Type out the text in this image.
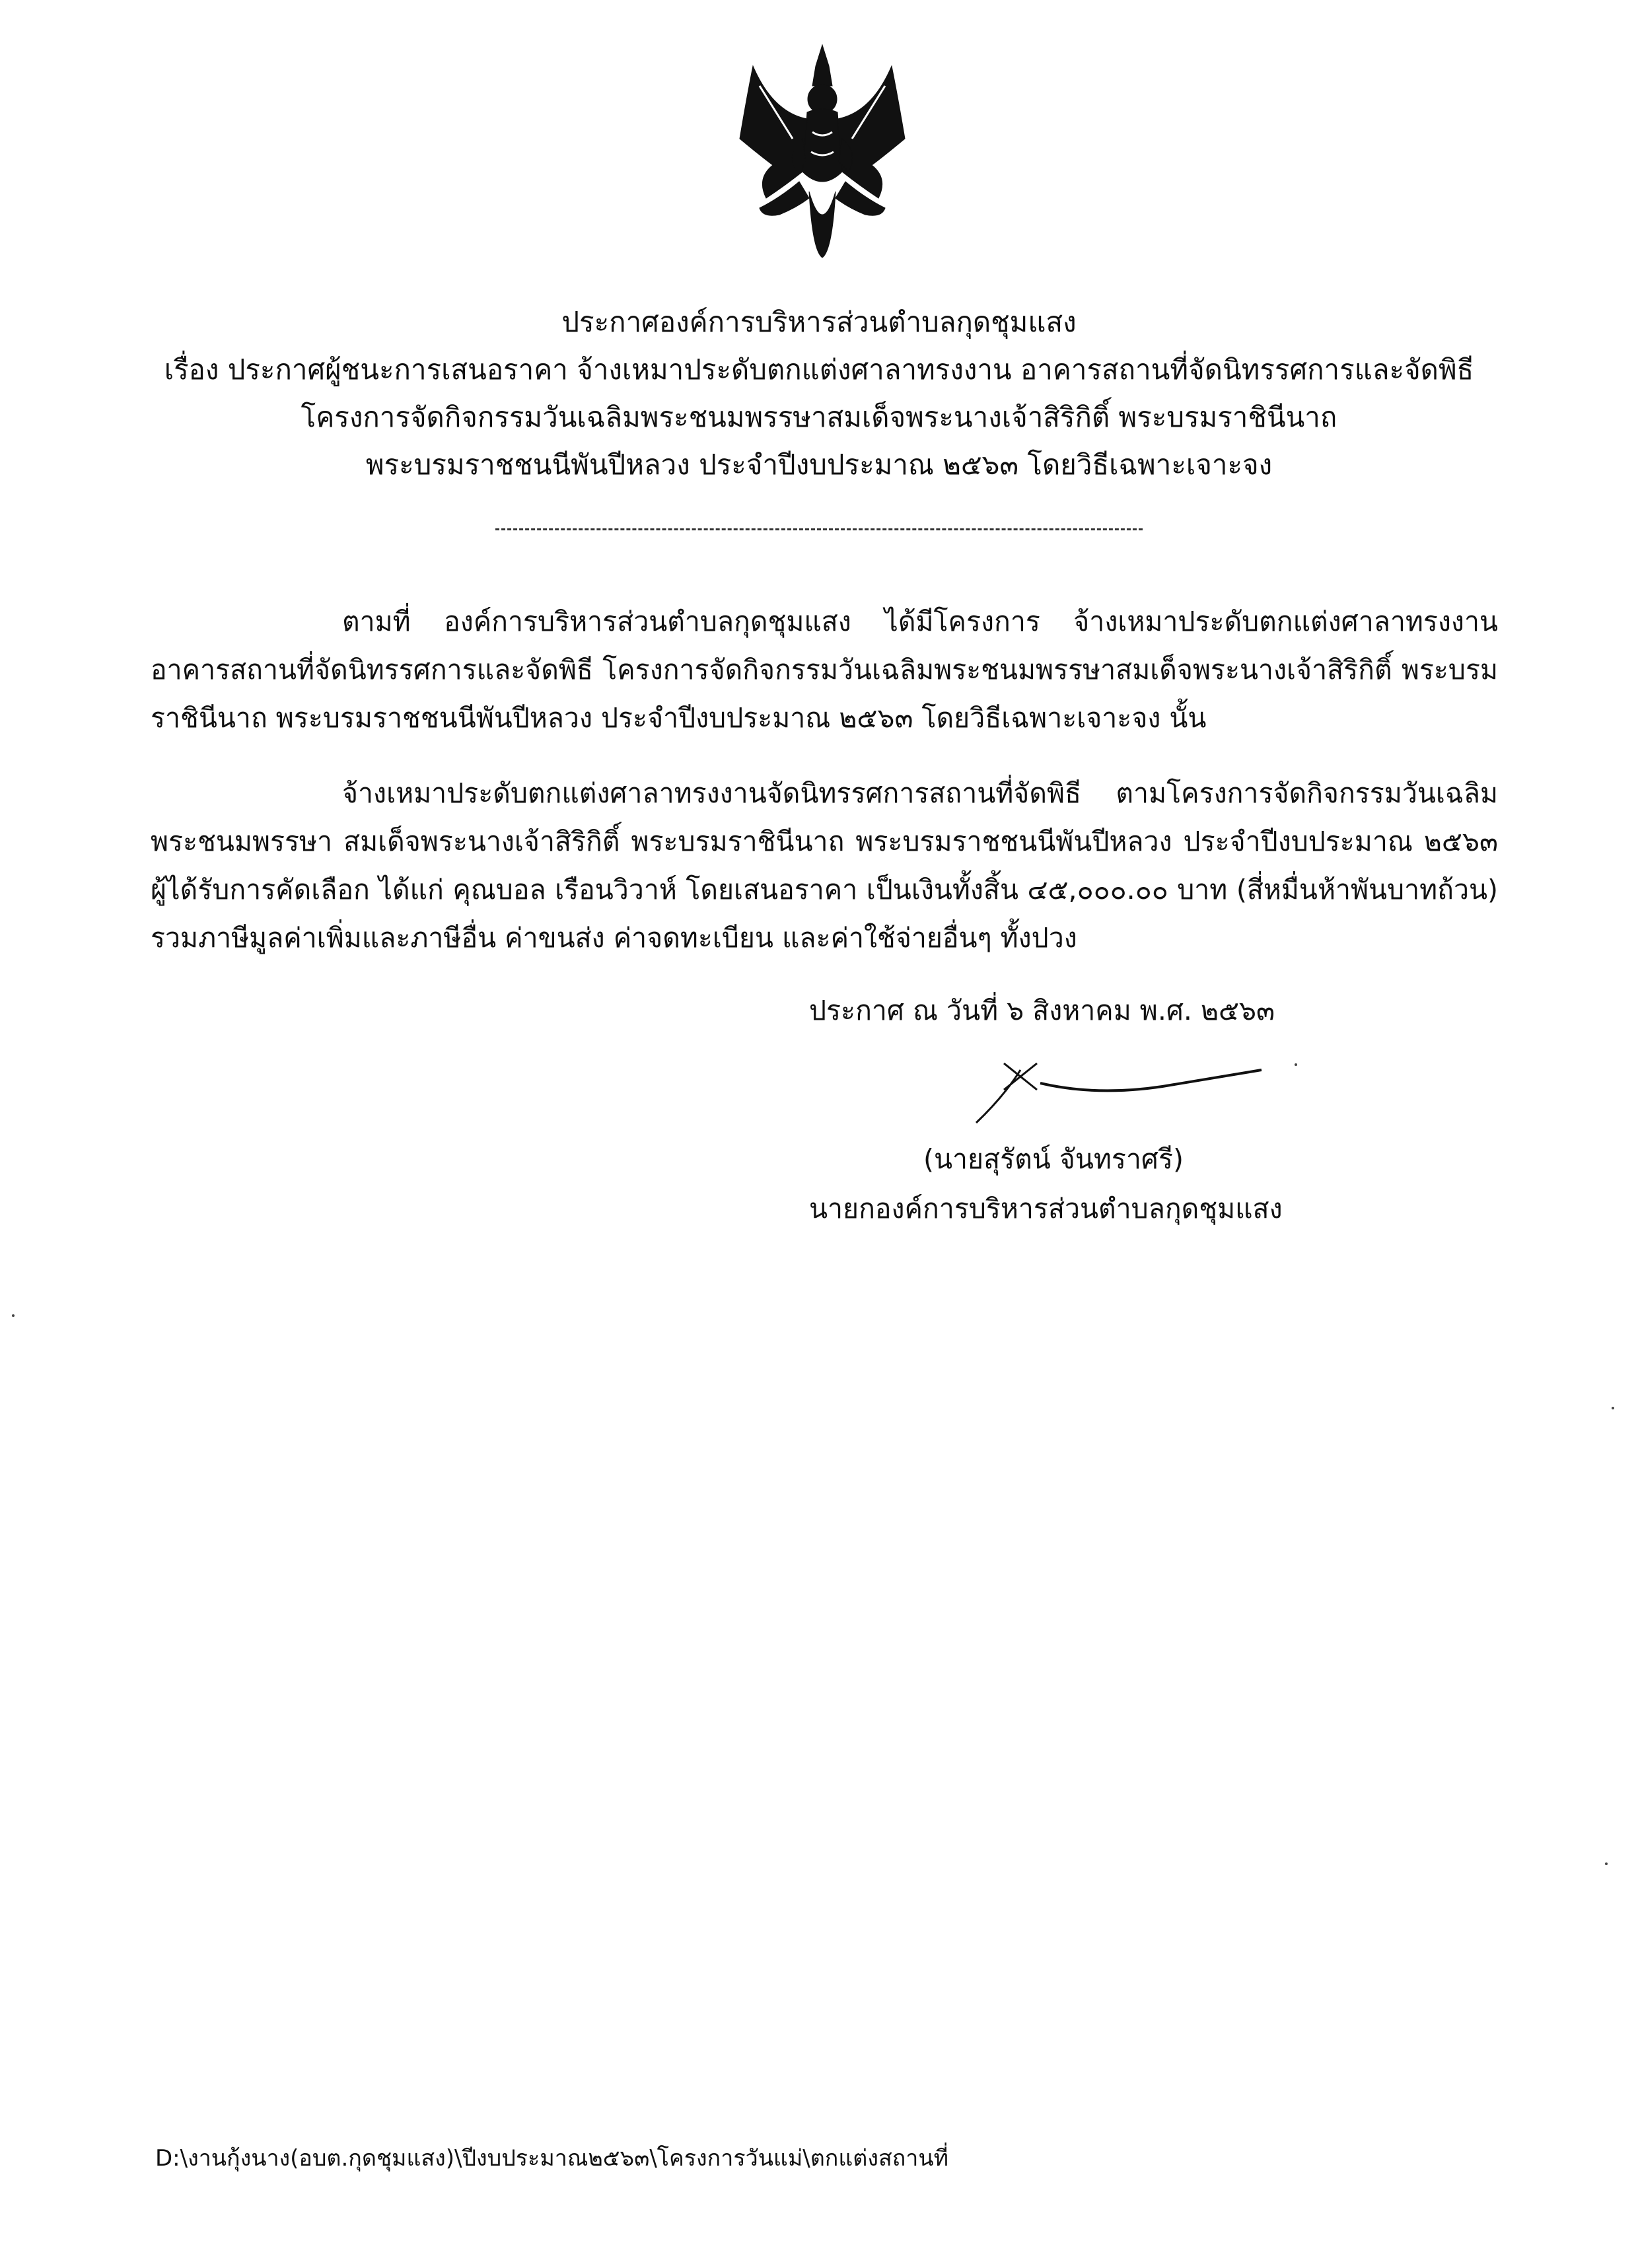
ประกาศองค์การบริหารส่วนตำบลกุดชุมแสง
เรื่อง ประกาศผู้ชนะการเสนอราคา จ้างเหมาประดับตกแต่งศาลาทรงงาน อาคารสถานที่จัดนิทรรศการและจัดพิธี
โครงการจัดกิจกรรมวันเฉลิมพระชนมพรรษาสมเด็จพระนางเจ้าสิริกิติ์ พระบรมราชินีนาถ
พระบรมราชชนนีพันปีหลวง ประจำปีงบประมาณ ๒๕๖๓ โดยวิธีเฉพาะเจาะจง
ตามที่ องค์การบริหารส่วนตำบลกุดชุมแสง ได้มีโครงการ จ้างเหมาประดับตกแต่งศาลาทรงงาน อาคารสถานที่จัดนิทรรศการและจัดพิธี โครงการจัดกิจกรรมวันเฉลิมพระชนมพรรษาสมเด็จพระนางเจ้าสิริกิติ์ พระบรมราชินีนาถ พระบรมราชชนนีพันปีหลวง ประจำปีงบประมาณ ๒๕๖๓ โดยวิธีเฉพาะเจาะจง นั้น
จ้างเหมาประดับตกแต่งศาลาทรงงานจัดนิทรรศการสถานที่จัดพิธี ตามโครงการจัดกิจกรรมวันเฉลิมพระชนมพรรษา สมเด็จพระนางเจ้าสิริกิติ์ พระบรมราชินีนาถ พระบรมราชชนนีพันปีหลวง ประจำปีงบประมาณ ๒๕๖๓ ผู้ได้รับการคัดเลือก ได้แก่ คุณบอล เรือนวิวาห์ โดยเสนอราคา เป็นเงินทั้งสิ้น ๔๕,๐๐๐.๐๐ บาท (สี่หมื่นห้าพันบาทถ้วน) รวมภาษีมูลค่าเพิ่มและภาษีอื่น ค่าขนส่ง ค่าจดทะเบียน และค่าใช้จ่ายอื่นๆ ทั้งปวง
ประกาศ ณ วันที่ ๖ สิงหาคม พ.ศ. ๒๕๖๓
(นายสุรัตน์ จันทราศรี)
นายกองค์การบริหารส่วนตำบลกุดชุมแสง
D:\งานกุ้งนาง(อบต.กุดชุมแสง)\ปีงบประมาณ๒๕๖๓\โครงการวันแม่\ตกแต่งสถานที่
